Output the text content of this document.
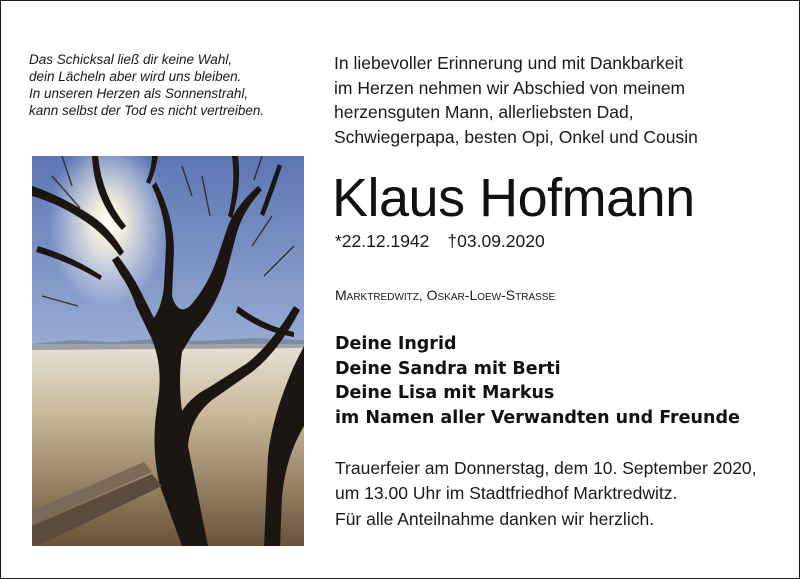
Das Schicksal ließ dir keine Wahl,
dein Lächeln aber wird uns bleiben.
In unseren Herzen als Sonnenstrahl,
kann selbst der Tod es nicht vertreiben.
In liebevoller Erinnerung und mit Dankbarkeit
im Herzen nehmen wir Abschied von meinem
herzensguten Mann, allerliebsten Dad,
Schwiegerpapa, besten Opi, Onkel und Cousin
Klaus Hofmann
*22.12.1942 †03.09.2020
Marktredwitz, Oskar-Loew-Strasse
Deine Ingrid
Deine Sandra mit Berti
Deine Lisa mit Markus
im Namen aller Verwandten und Freunde
Trauerfeier am Donnerstag, dem 10. September 2020,
um 13.00 Uhr im Stadtfriedhof Marktredwitz.
Für alle Anteilnahme danken wir herzlich.
